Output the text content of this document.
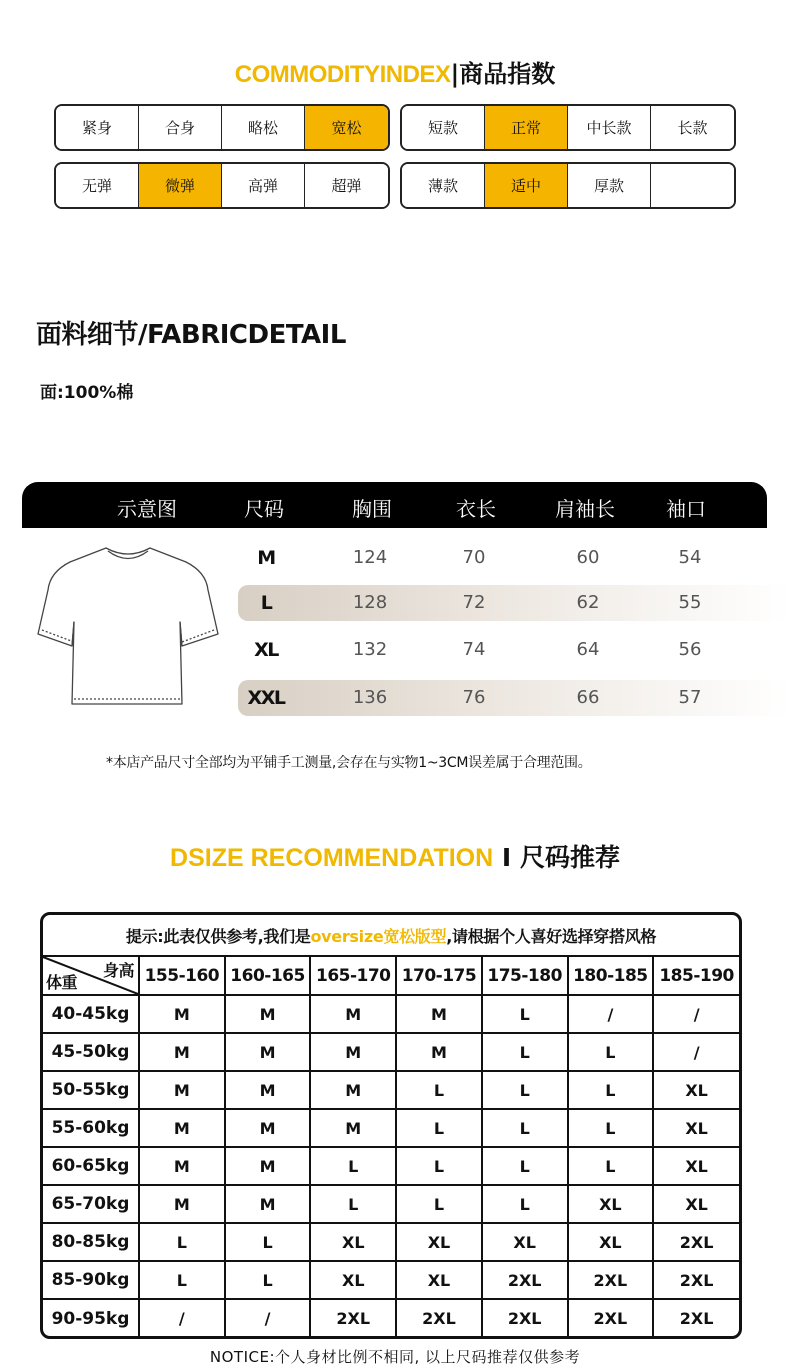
COMMODITYINDEX|商品指数
紧身	合身	略松	宽松	短款	正常	中长款	长款
无弹	微弹	高弹	超弹	薄款	适中	厚款
面料细节/FABRICDETAIL
面:100%棉
示意图	尺码	胸围	衣长	肩袖长	袖口
M	124	70	60	54
L	128	72	62	55
XL	132	74	64	56
XXL	136	76	66	57
*本店产品尺寸全部均为平铺手工测量,会存在与实物1~3CM误差属于合理范围。
DSIZE RECOMMENDATION I 尺码推荐
提示:此表仅供参考,我们是 oversize宽松版型 ,请根据个人喜好选择穿搭风格
身高
体重	155-160	160-165	165-170	170-175	175-180	180-185	185-190
40-45kg	M	M	M	M	L	/	/
45-50kg	M	M	M	M	L	L	/
50-55kg	M	M	M	L	L	L	XL
55-60kg	M	M	M	L	L	L	XL
60-65kg	M	M	L	L	L	L	XL
65-70kg	M	M	L	L	L	XL	XL
80-85kg	L	L	XL	XL	XL	XL	2XL
85-90kg	L	L	XL	XL	2XL	2XL	2XL
90-95kg	/	/	2XL	2XL	2XL	2XL	2XL
NOTICE:个人身材比例不相同, 以上尺码推荐仅供参考
